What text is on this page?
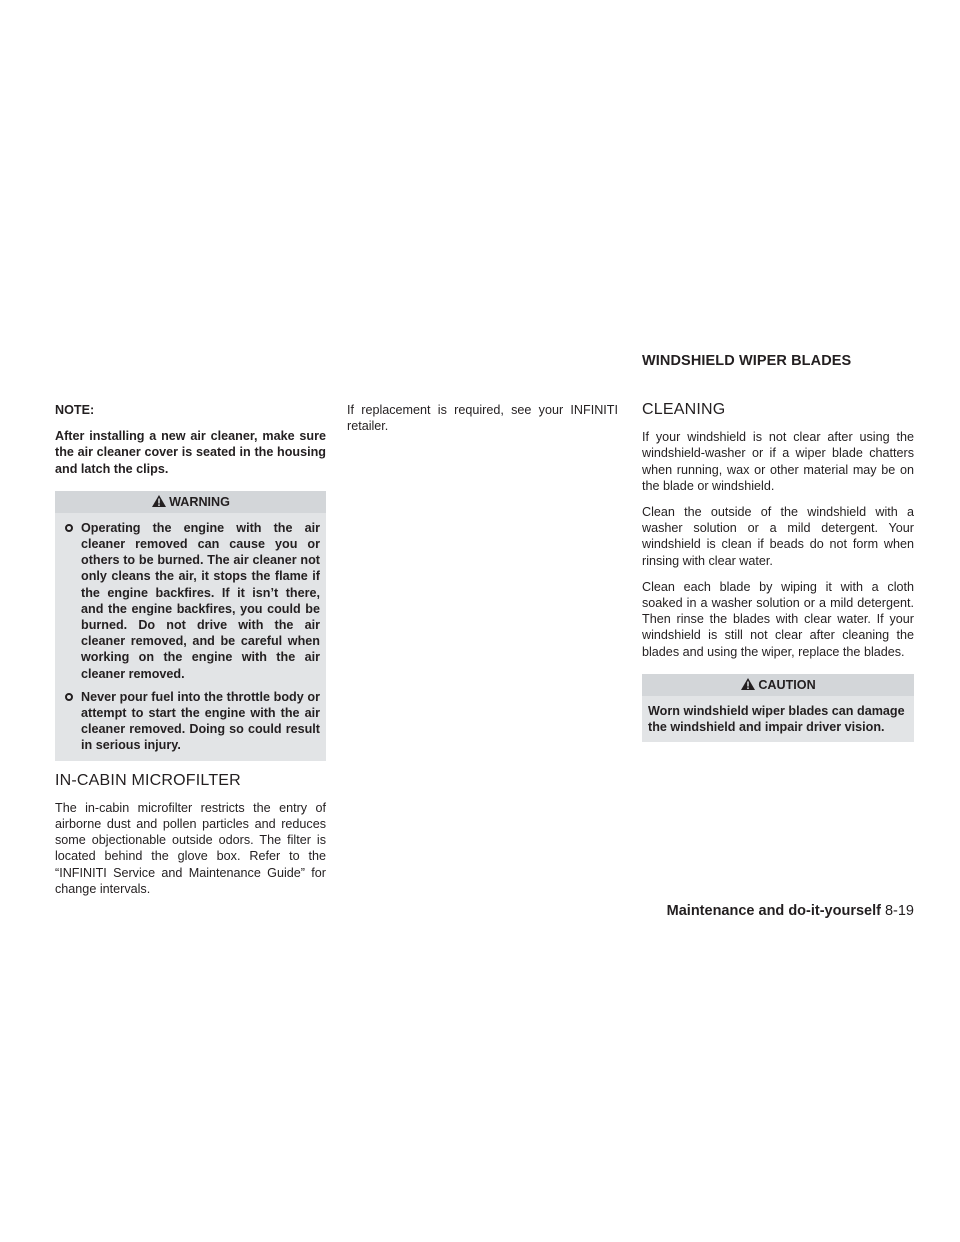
WINDSHIELD WIPER BLADES

NOTE:

After installing a new air cleaner, make sure the air cleaner cover is seated in the housing and latch the clips.

WARNING
Operating the engine with the air cleaner removed can cause you or others to be burned. The air cleaner not only cleans the air, it stops the flame if the engine backfires. If it isn’t there, and the engine backfires, you could be burned. Do not drive with the air cleaner removed, and be careful when working on the engine with the air cleaner removed.
Never pour fuel into the throttle body or attempt to start the engine with the air cleaner removed. Doing so could result in serious injury.
IN-CABIN MICROFILTER

The in-cabin microfilter restricts the entry of airborne dust and pollen particles and reduces some objectionable outside odors. The filter is located behind the glove box. Refer to the “INFINITI Service and Maintenance Guide” for change intervals.

If replacement is required, see your INFINITI retailer.

CLEANING

If your windshield is not clear after using the windshield-washer or if a wiper blade chatters when running, wax or other material may be on the blade or windshield.

Clean the outside of the windshield with a washer solution or a mild detergent. Your windshield is clean if beads do not form when rinsing with clear water.

Clean each blade by wiping it with a cloth soaked in a washer solution or a mild detergent. Then rinse the blades with clear water. If your windshield is still not clear after cleaning the blades and using the wiper, replace the blades.

CAUTION
Worn windshield wiper blades can damage the windshield and impair driver vision.
Maintenance and do-it-yourself 8-19
